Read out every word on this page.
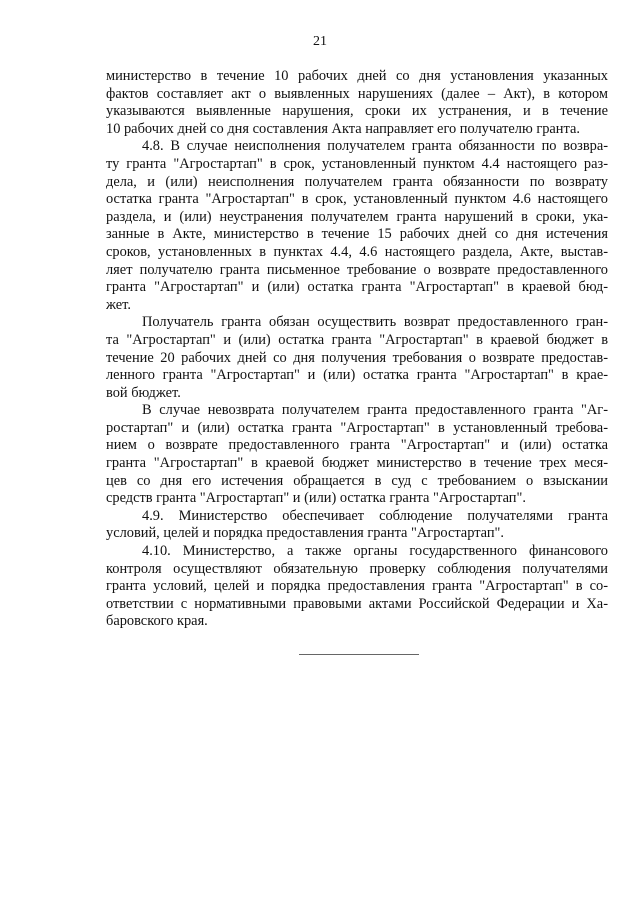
21
министерство в течение 10 рабочих дней со дня установления указанных
фактов составляет акт о выявленных нарушениях (далее – Акт), в котором
указываются выявленные нарушения, сроки их устранения, и в течение
10 рабочих дней со дня составления Акта направляет его получателю гранта.
4.8. В случае неисполнения получателем гранта обязанности по возвра-
ту гранта "Агростартап" в срок, установленный пунктом 4.4 настоящего раз-
дела, и (или) неисполнения получателем гранта обязанности по возврату
остатка гранта "Агростартап" в срок, установленный пунктом 4.6 настоящего
раздела, и (или) неустранения получателем гранта нарушений в сроки, ука-
занные в Акте, министерство в течение 15 рабочих дней со дня истечения
сроков, установленных в пунктах 4.4, 4.6 настоящего раздела, Акте, выстав-
ляет получателю гранта письменное требование о возврате предоставленного
гранта "Агростартап" и (или) остатка гранта "Агростартап" в краевой бюд-
жет.
Получатель гранта обязан осуществить возврат предоставленного гран-
та "Агростартап" и (или) остатка гранта "Агростартап" в краевой бюджет в
течение 20 рабочих дней со дня получения требования о возврате предостав-
ленного гранта "Агростартап" и (или) остатка гранта "Агростартап" в крае-
вой бюджет.
В случае невозврата получателем гранта предоставленного гранта "Аг-
ростартап" и (или) остатка гранта "Агростартап" в установленный требова-
нием о возврате предоставленного гранта "Агростартап" и (или) остатка
гранта "Агростартап" в краевой бюджет министерство в течение трех меся-
цев со дня его истечения обращается в суд с требованием о взыскании
средств гранта "Агростартап" и (или) остатка гранта "Агростартап".
4.9. Министерство обеспечивает соблюдение получателями гранта
условий, целей и порядка предоставления гранта "Агростартап".
4.10. Министерство, а также органы государственного финансового
контроля осуществляют обязательную проверку соблюдения получателями
гранта условий, целей и порядка предоставления гранта "Агростартап" в со-
ответствии с нормативными правовыми актами Российской Федерации и Ха-
баровского края.
